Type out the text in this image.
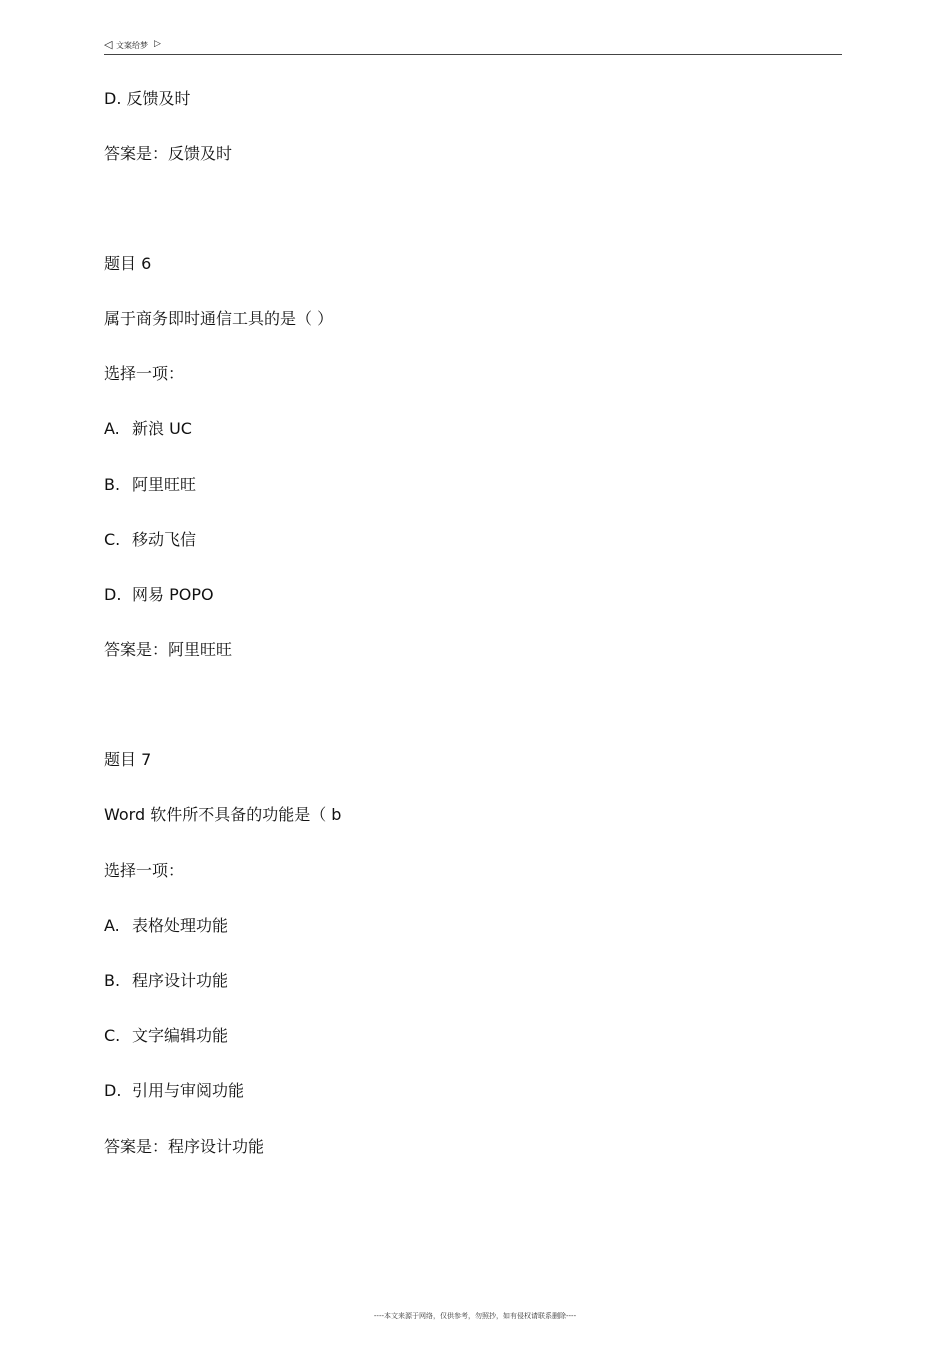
◁ 文案给梦 ▷
D. 反馈及时
答案是：反馈及时
题目 6
属于商务即时通信工具的是（ ）
选择一项：
A. 新浪 UC
B. 阿里旺旺
C. 移动飞信
D. 网易 POPO
答案是：阿里旺旺
题目 7
Word 软件所不具备的功能是（ b
选择一项：
A. 表格处理功能
B. 程序设计功能
C. 文字编辑功能
D. 引用与审阅功能
答案是：程序设计功能
----本文来源于网络，仅供参考，勿照抄，如有侵权请联系删除----
